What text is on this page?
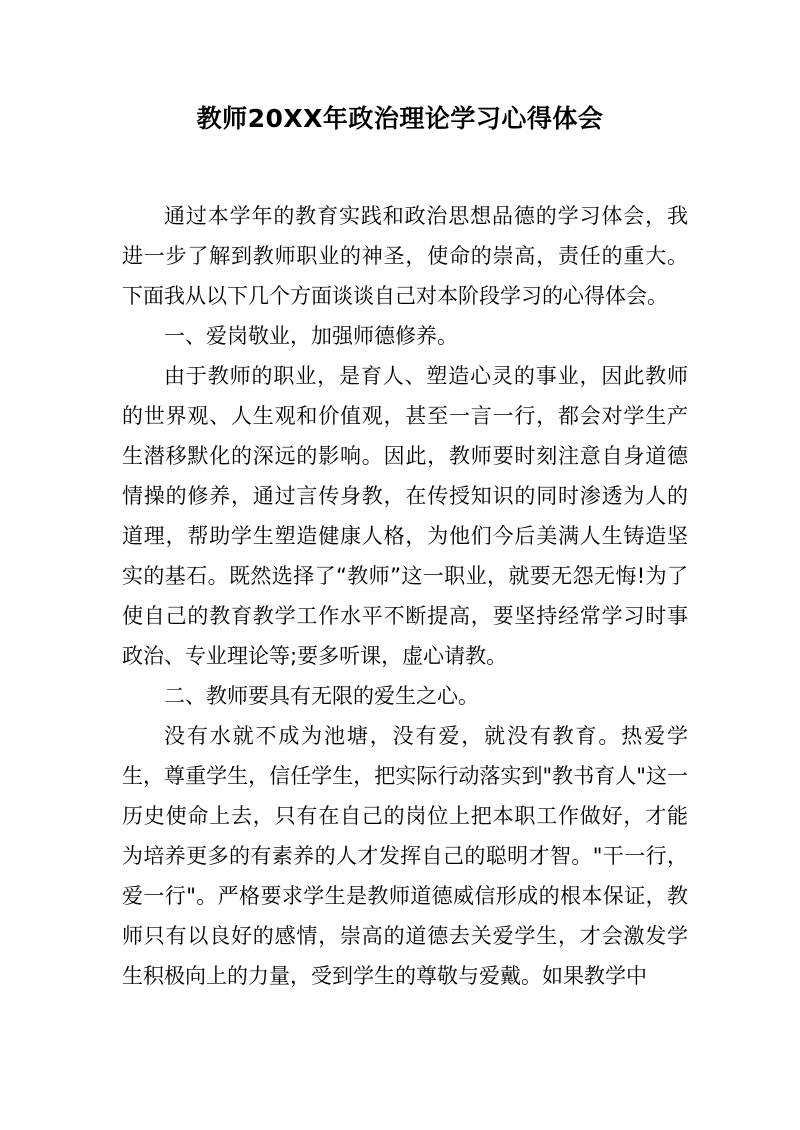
教师20XX年政治理论学习心得体会

通过本学年的教育实践和政治思想品德的学习体会，我进一步了解到教师职业的神圣，使命的崇高，责任的重大。下面我从以下几个方面谈谈自己对本阶段学习的心得体会。

一、爱岗敬业，加强师德修养。

由于教师的职业，是育人、塑造心灵的事业，因此教师的世界观、人生观和价值观，甚至一言一行，都会对学生产生潜移默化的深远的影响。因此，教师要时刻注意自身道德情操的修养，通过言传身教，在传授知识的同时渗透为人的道理，帮助学生塑造健康人格，为他们今后美满人生铸造坚实的基石。既然选择了“教师”这一职业，就要无怨无悔!为了使自己的教育教学工作水平不断提高，要坚持经常学习时事政治、专业理论等;要多听课，虚心请教。

二、教师要具有无限的爱生之心。

没有水就不成为池塘，没有爱，就没有教育。热爱学生，尊重学生，信任学生，把实际行动落实到"教书育人"这一历史使命上去，只有在自己的岗位上把本职工作做好，才能为培养更多的有素养的人才发挥自己的聪明才智。"干一行，爱一行"。严格要求学生是教师道德威信形成的根本保证，教师只有以良好的感情，崇高的道德去关爱学生，才会激发学生积极向上的力量，受到学生的尊敬与爱戴。如果教学中
